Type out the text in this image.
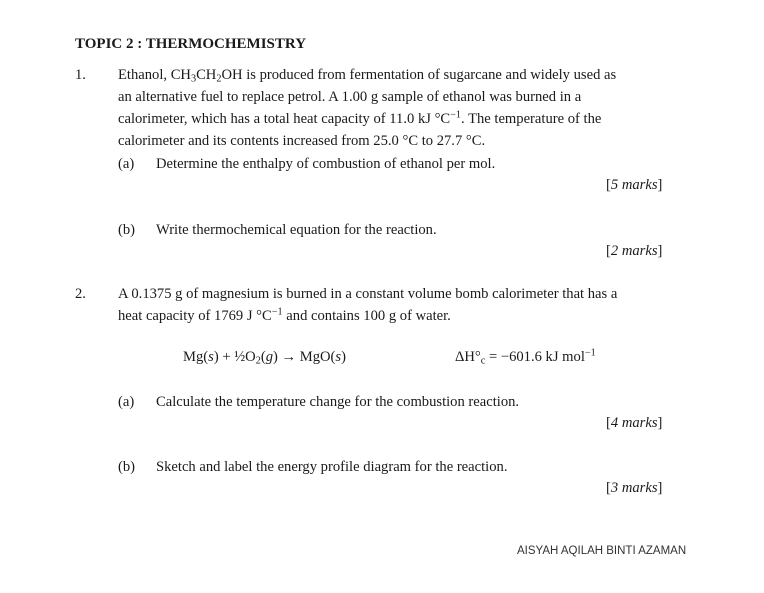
TOPIC 2 : THERMOCHEMISTRY
1. Ethanol, $CH_3CH_2OH$ is produced from fermentation of sugarcane and widely used as
an alternative fuel to replace petrol. A 1.00 g sample of ethanol was burned in a
calorimeter, which has a total heat capacity of 11.0 kJ $^\circ C^{-1}$. The temperature of the
calorimeter and its contents increased from 25.0 °C to 27.7 °C.
(a) Determine the enthalpy of combustion of ethanol per mol.
[5 marks]
(b) Write thermochemical equation for the reaction.
[2 marks]
2. A 0.1375 g of magnesium is burned in a constant volume bomb calorimeter that has a
heat capacity of 1769 J $^\circ C^{-1}$ and contains 100 g of water.
$Mg(s) + \frac{1}{2}O_2(g) \to MgO(s)$	$\Delta H^\circ_c = -601.6$ kJ mol$^{-1}$
(a) Calculate the temperature change for the combustion reaction.
[4 marks]
(b) Sketch and label the energy profile diagram for the reaction.
[3 marks]
AISYAH AQILAH BINTI AZAMAN
